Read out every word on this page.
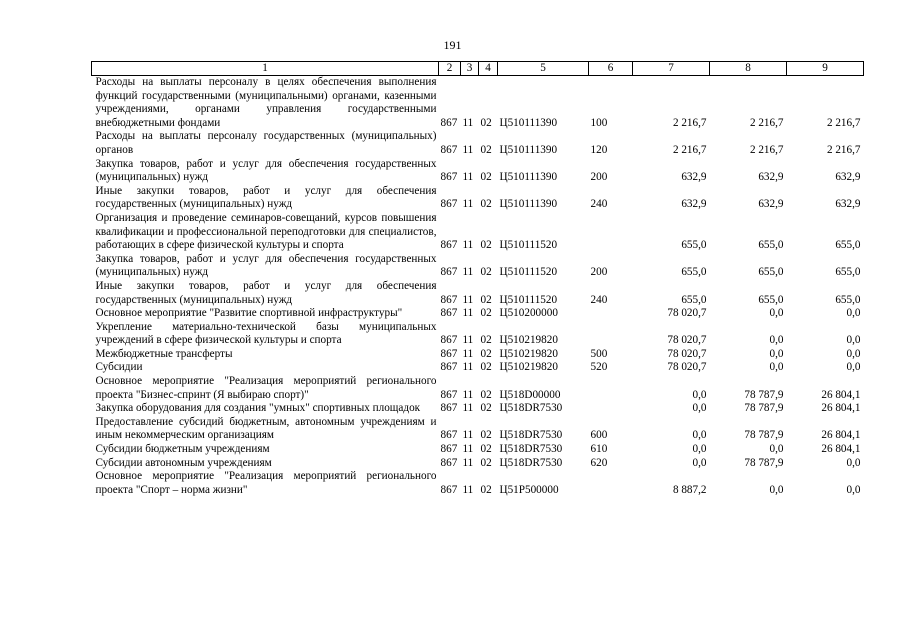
191
1	2	3	4	5	6	7	8	9
Расходы на выплаты персоналу в целях обеспечения выполнения функций государственными (муниципальными) органами, казенными учреждениями, органами управления государственными внебюджетными фондами	867	11	02	Ц510111390	100	2 216,7	2 216,7	2 216,7
Расходы на выплаты персоналу государственных (муниципальных) органов	867	11	02	Ц510111390	120	2 216,7	2 216,7	2 216,7
Закупка товаров, работ и услуг для обеспечения государственных (муниципальных) нужд	867	11	02	Ц510111390	200	632,9	632,9	632,9
Иные закупки товаров, работ и услуг для обеспечения государственных (муниципальных) нужд	867	11	02	Ц510111390	240	632,9	632,9	632,9
Организация и проведение семинаров-совещаний, курсов повышения квалификации и профессиональной переподготовки для специалистов, работающих в сфере физической культуры и спорта	867	11	02	Ц510111520		655,0	655,0	655,0
Закупка товаров, работ и услуг для обеспечения государственных (муниципальных) нужд	867	11	02	Ц510111520	200	655,0	655,0	655,0
Иные закупки товаров, работ и услуг для обеспечения государственных (муниципальных) нужд	867	11	02	Ц510111520	240	655,0	655,0	655,0
Основное мероприятие "Развитие спортивной инфраструктуры"	867	11	02	Ц510200000		78 020,7	0,0	0,0
Укрепление материально-технической базы муниципальных учреждений в сфере физической культуры и спорта	867	11	02	Ц510219820		78 020,7	0,0	0,0
Межбюджетные трансферты	867	11	02	Ц510219820	500	78 020,7	0,0	0,0
Субсидии	867	11	02	Ц510219820	520	78 020,7	0,0	0,0
Основное мероприятие "Реализация мероприятий регионального проекта "Бизнес-спринт (Я выбираю спорт)"	867	11	02	Ц518D00000		0,0	78 787,9	26 804,1
Закупка оборудования для создания "умных" спортивных площадок	867	11	02	Ц518DR7530		0,0	78 787,9	26 804,1
Предоставление субсидий бюджетным, автономным учреждениям и иным некоммерческим организациям	867	11	02	Ц518DR7530	600	0,0	78 787,9	26 804,1
Субсидии бюджетным учреждениям	867	11	02	Ц518DR7530	610	0,0	0,0	26 804,1
Субсидии автономным учреждениям	867	11	02	Ц518DR7530	620	0,0	78 787,9	0,0
Основное мероприятие "Реализация мероприятий регионального проекта "Спорт – норма жизни"	867	11	02	Ц51P500000		8 887,2	0,0	0,0
